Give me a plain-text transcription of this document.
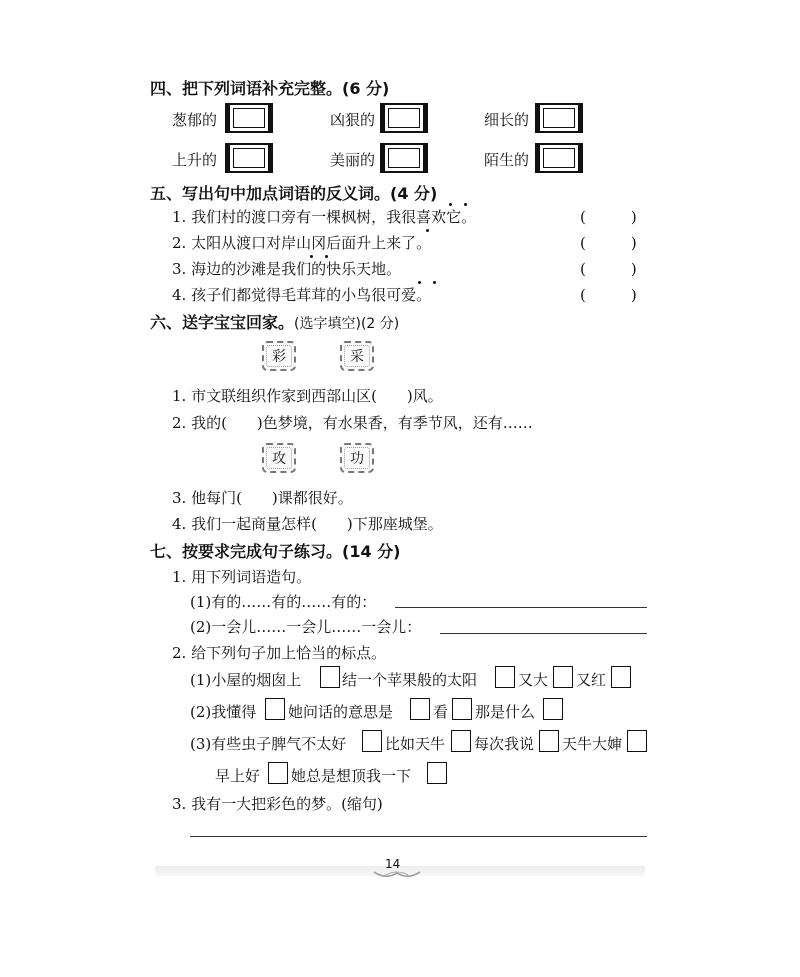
四、把下列词语补充完整。(6 分)
葱郁的	凶狠的	细长的
上升的	美丽的	陌生的
五、写出句中加点词语的反义词。(4 分)
1. 我们村的渡口旁有一棵枫树，我很喜欢它。	(　　　)
2. 太阳从渡口对岸山冈后面升上来了。	(　　　)
3. 海边的沙滩是我们的快乐天地。	(　　　)
4. 孩子们都觉得毛茸茸的小鸟很可爱。	(　　　)
六、送字宝宝回家。(选字填空)(2 分)
彩	采
1. 市文联组织作家到西部山区(　　)风。
2. 我的(　　)色梦境，有水果香，有季节风，还有……
攻	功
3. 他每门(　　)课都很好。
4. 我们一起商量怎样(　　)下那座城堡。
七、按要求完成句子练习。(14 分)
1. 用下列词语造句。
(1)有的……有的……有的：
(2)一会儿……一会儿……一会儿：
2. 给下列句子加上恰当的标点。
(1)小屋的烟囱上	结一个苹果般的太阳	又大 又红
(2)我懂得 她问话的意思是	看 那是什么
(3)有些虫子脾气不太好	比如天牛 每次我说 天牛大婶
早上好 她总是想顶我一下
3. 我有一大把彩色的梦。(缩句)
14
